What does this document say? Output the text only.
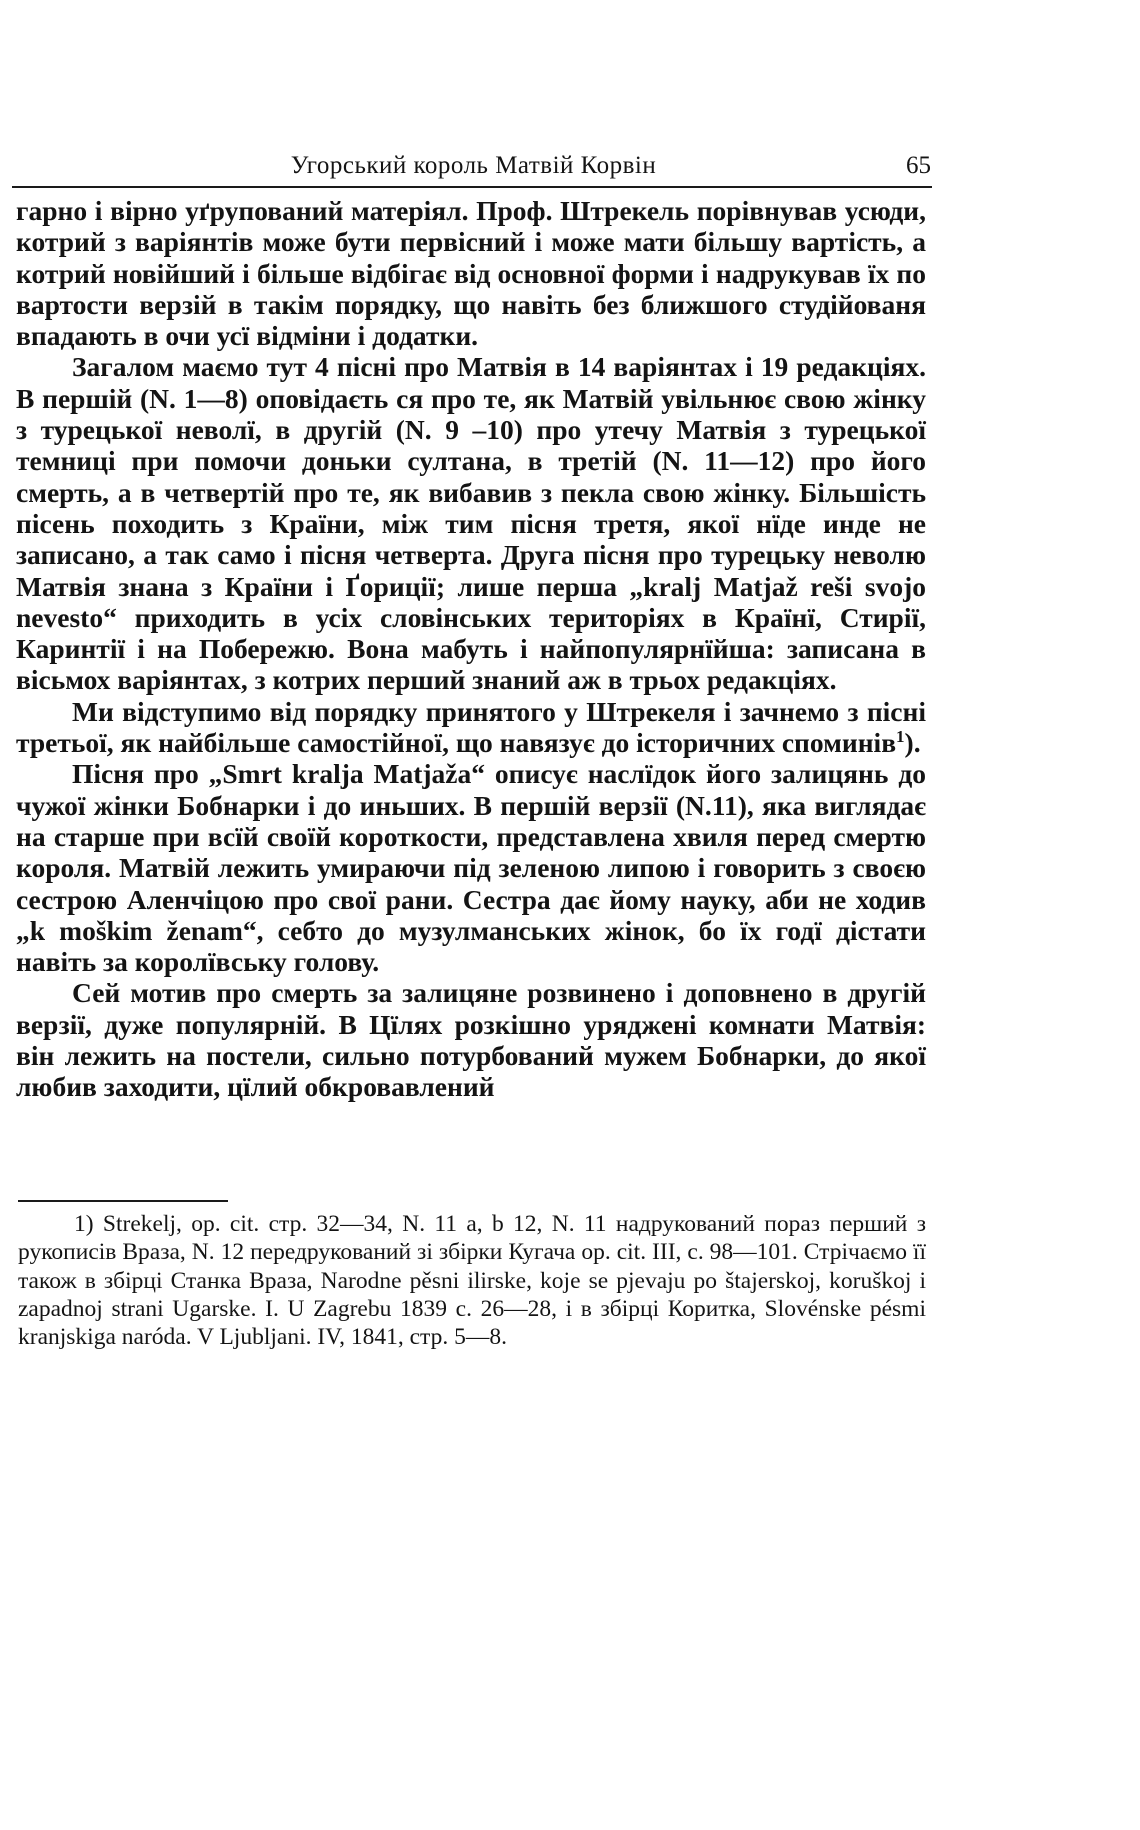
Угорський король Матвій Корвін	65

гарно і вірно уґрупований матеріял. Проф. Штрекель порівнував усюди, котрий з варіянтів може бути первісний і може мати більшу вартість, а котрий новійший і більше відбігає від основної форми і надрукував їх по вартости верзій в такім порядку, що навіть без ближшого студійованя впадають в очи усї відміни і додатки.

Загалом маємо тут 4 пісні про Матвія в 14 варіянтах і 19 редакціях. В першій (N. 1—8) оповідаєть ся про те, як Матвій увільнює свою жінку з турецької неволї, в другій (N. 9 –10) про утечу Матвія з турецької темниці при помочи доньки султана, в третій (N. 11—12) про його смерть, а в четвертій про те, як вибавив з пекла свою жінку. Більшість пісень походить з Країни, між тим пісня третя, якої нїде инде не записано, а так само і пісня четверта. Друга пісня про турецьку неволю Матвія знана з Країни і Ґориції; лише перша „kralj Matjaž reši svojo nevesto“ приходить в усіх словінських територіях в Країнї, Стирії, Каринтії і на Побережю. Вона мабуть і найпопулярнїйша: записана в вісьмох варіянтах, з котрих перший знаний аж в трьох редакціях.

Ми відступимо від порядку принятого у Штрекеля і зачнемо з пісні третьої, як найбільше самостійної, що навязує до історичних споминів$^1$).

Пісня про „Smrt kralja Matjaža“ описує наслїдок його залицянь до чужої жінки Бобнарки і до иньших. В першій верзії (N.11), яка виглядає на старше при всїй своїй короткости, представлена хвиля перед смертю короля. Матвій лежить умираючи під зеленою липою і говорить з своєю сестрою Аленчіцою про свої рани. Сестра дає йому науку, аби не ходив „k moškim ženam“, себто до музулманських жінок, бо їх годї дістати навіть за королївську голову.

Сей мотив про смерть за залицяне розвинено і доповнено в другій верзії, дуже популярній. В Цїлях розкішно уряджені комнати Матвія: він лежить на постели, сильно потурбований мужем Бобнарки, до якої любив заходити, цїлий обкровавлений

1) Strekelj, op. cit. стр. 32—34, N. 11 a, b 12, N. 11 надрукований пораз перший з рукописів Враза, N. 12 передрукований зі збірки Кугача op. cit. III, c. 98—101. Стрічаємо її також в збірці Станка Враза, Narodne pěsni ilirske, koje se pjevaju po štajerskoj, koruškoj i zapadnoj strani Ugarske. I. U Zagrebu 1839 c. 26—28, і в збірці Коритка, Slovénske pésmi kranjskiga naróda. V Ljubljani. IV, 1841, стр. 5—8.
